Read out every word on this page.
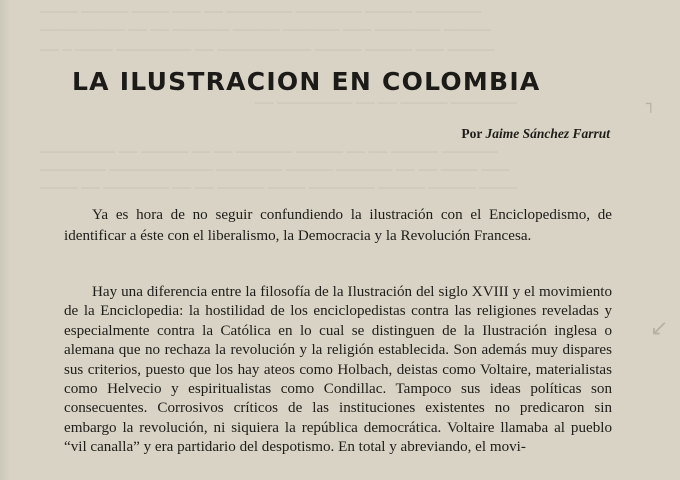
──── ───── ──── ─── ── ─────── ─────── ───── ───────
───────── ── ── ────── ───── ────── ─── ─────── ─────
── ─ ──── ──────── ── ────────── ───── ───── ─── ─────
── ──────── ── ── ───── ───────
──────── ── ───── ── ── ────── ───── ── ── ───── ──────
─────── ─────────── ─────── ───── ────── ── ── ──── ───
──── ── ─────── ── ── ───── ──── ─────── ───── ───── ────
┐
↙
LA ILUSTRACION EN COLOMBIA

Por Jaime Sánchez Farrut

Ya es hora de no seguir confundiendo la ilustración con el Enciclopedismo, de identificar a éste con el liberalismo, la Democracia y la Revolución Francesa.

Hay una diferencia entre la filosofía de la Ilustración del siglo XVIII y el movimiento de la Enciclopedia: la hostilidad de los enciclopedistas contra las religiones reveladas y especialmente contra la Católica en lo cual se distinguen de la Ilustración inglesa o alemana que no rechaza la revolución y la religión establecida. Son además muy dispares sus criterios, puesto que los hay ateos como Holbach, deistas como Voltaire, materialistas como Helvecio y espiritualistas como Condillac. Tampoco sus ideas políticas son consecuentes. Corrosivos críticos de las instituciones existentes no predicaron sin embargo la revolución, ni siquiera la república democrática. Voltaire llamaba al pueblo “vil canalla” y era partidario del despotismo. En total y abreviando, el movi-
